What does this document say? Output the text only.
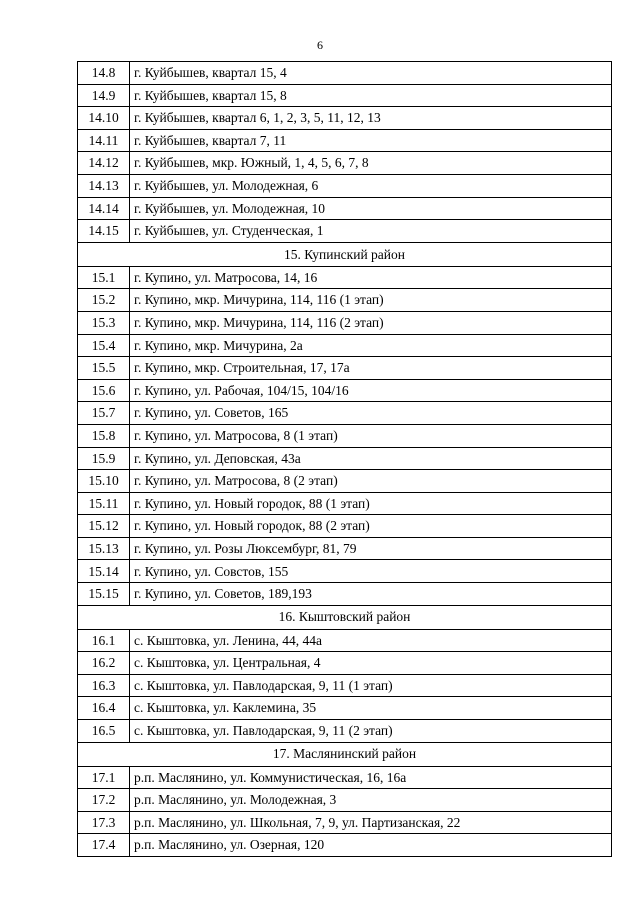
6
14.8	г. Куйбышев, квартал 15, 4
14.9	г. Куйбышев, квартал 15, 8
14.10	г. Куйбышев, квартал 6, 1, 2, 3, 5, 11, 12, 13
14.11	г. Куйбышев, квартал 7, 11
14.12	г. Куйбышев, мкр. Южный, 1, 4, 5, 6, 7, 8
14.13	г. Куйбышев, ул. Молодежная, 6
14.14	г. Куйбышев, ул. Молодежная, 10
14.15	г. Куйбышев, ул. Студенческая, 1
15. Купинский район	
15.1	г. Купино, ул. Матросова, 14, 16
15.2	г. Купино, мкр. Мичурина, 114, 116 (1 этап)
15.3	г. Купино, мкр. Мичурина, 114, 116 (2 этап)
15.4	г. Купино, мкр. Мичурина, 2а
15.5	г. Купино, мкр. Строительная, 17, 17а
15.6	г. Купино, ул. Рабочая, 104/15, 104/16
15.7	г. Купино, ул. Советов, 165
15.8	г. Купино, ул. Матросова, 8 (1 этап)
15.9	г. Купино, ул. Деповская, 43а
15.10	г. Купино, ул. Матросова, 8 (2 этап)
15.11	г. Купино, ул. Новый городок, 88 (1 этап)
15.12	г. Купино, ул. Новый городок, 88 (2 этап)
15.13	г. Купино, ул. Розы Люксембург, 81, 79
15.14	г. Купино, ул. Совстов, 155
15.15	г. Купино, ул. Советов, 189,193
16. Кыштовский район	
16.1	с. Кыштовка, ул. Ленина, 44, 44а
16.2	с. Кыштовка, ул. Центральная, 4
16.3	с. Кыштовка, ул. Павлодарская, 9, 11 (1 этап)
16.4	с. Кыштовка, ул. Каклемина, 35
16.5	с. Кыштовка, ул. Павлодарская, 9, 11 (2 этап)
17. Маслянинский район	
17.1	р.п. Маслянино, ул. Коммунистическая, 16, 16а
17.2	р.п. Маслянино, ул. Молодежная, 3
17.3	р.п. Маслянино, ул. Школьная, 7, 9, ул. Партизанская, 22
17.4	р.п. Маслянино, ул. Озерная, 120
